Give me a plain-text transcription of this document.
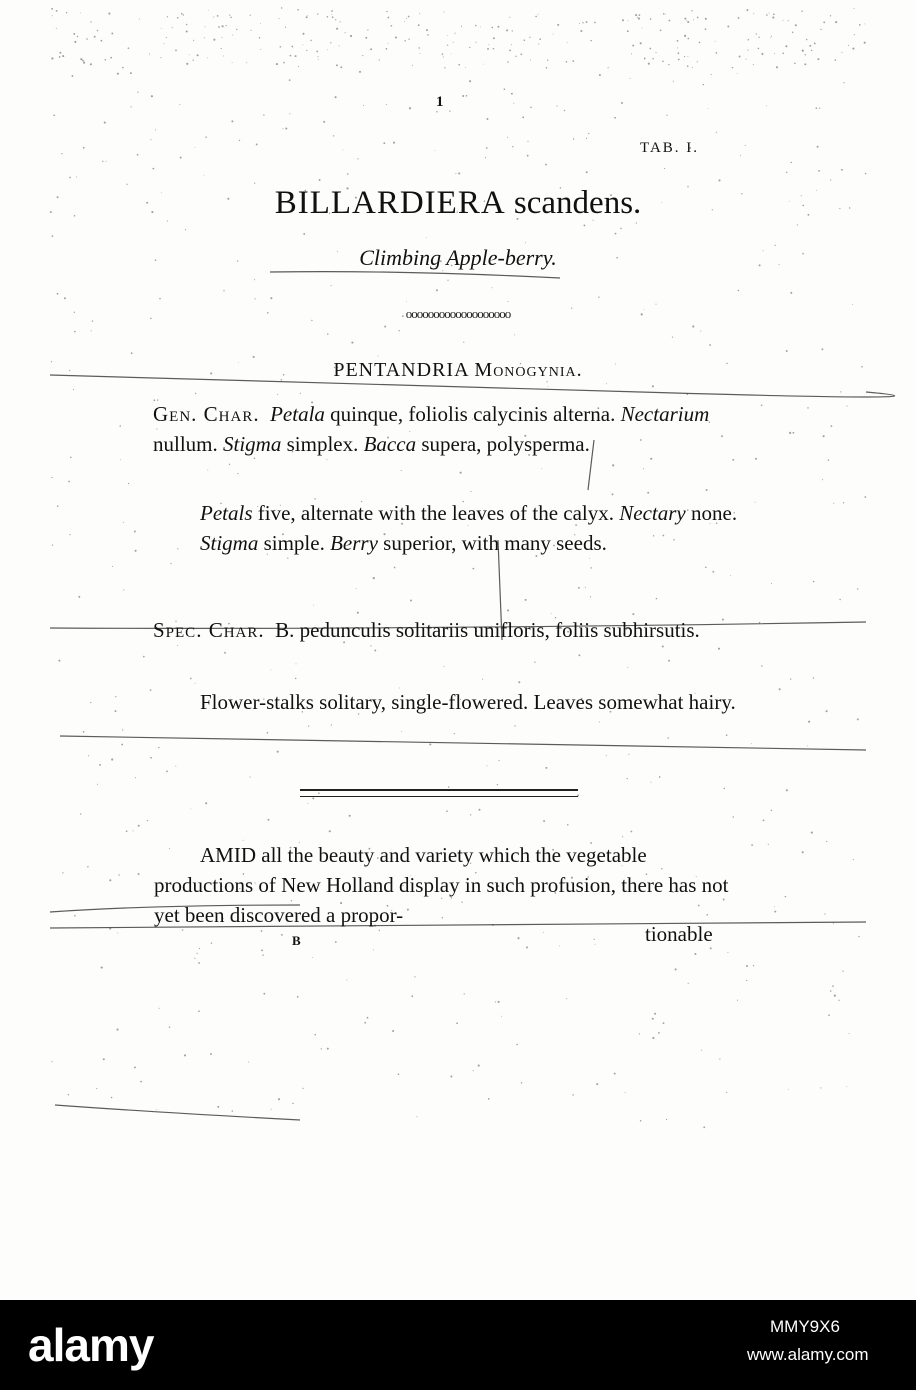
1
TAB. I.
BILLARDIERA scandens.
Climbing Apple-berry.
ooooooooooooooooooo
PENTANDRIA Monogynia.
Gen. Char. Petala quinque, foliolis calycinis alterna. Nectarium nullum. Stigma simplex. Bacca supera, polysperma.
Petals five, alternate with the leaves of the calyx. Nectary none. Stigma simple. Berry superior, with many seeds.
Spec. Char. B. pedunculis solitariis unifloris, foliis subhirsutis.
Flower-stalks solitary, single-flowered. Leaves somewhat hairy.
AMID all the beauty and variety which the vegetable productions of New Holland display in such profusion, there has not yet been discovered a propor-
B	tionable
alamy	MMY9X6
www.alamy.com
